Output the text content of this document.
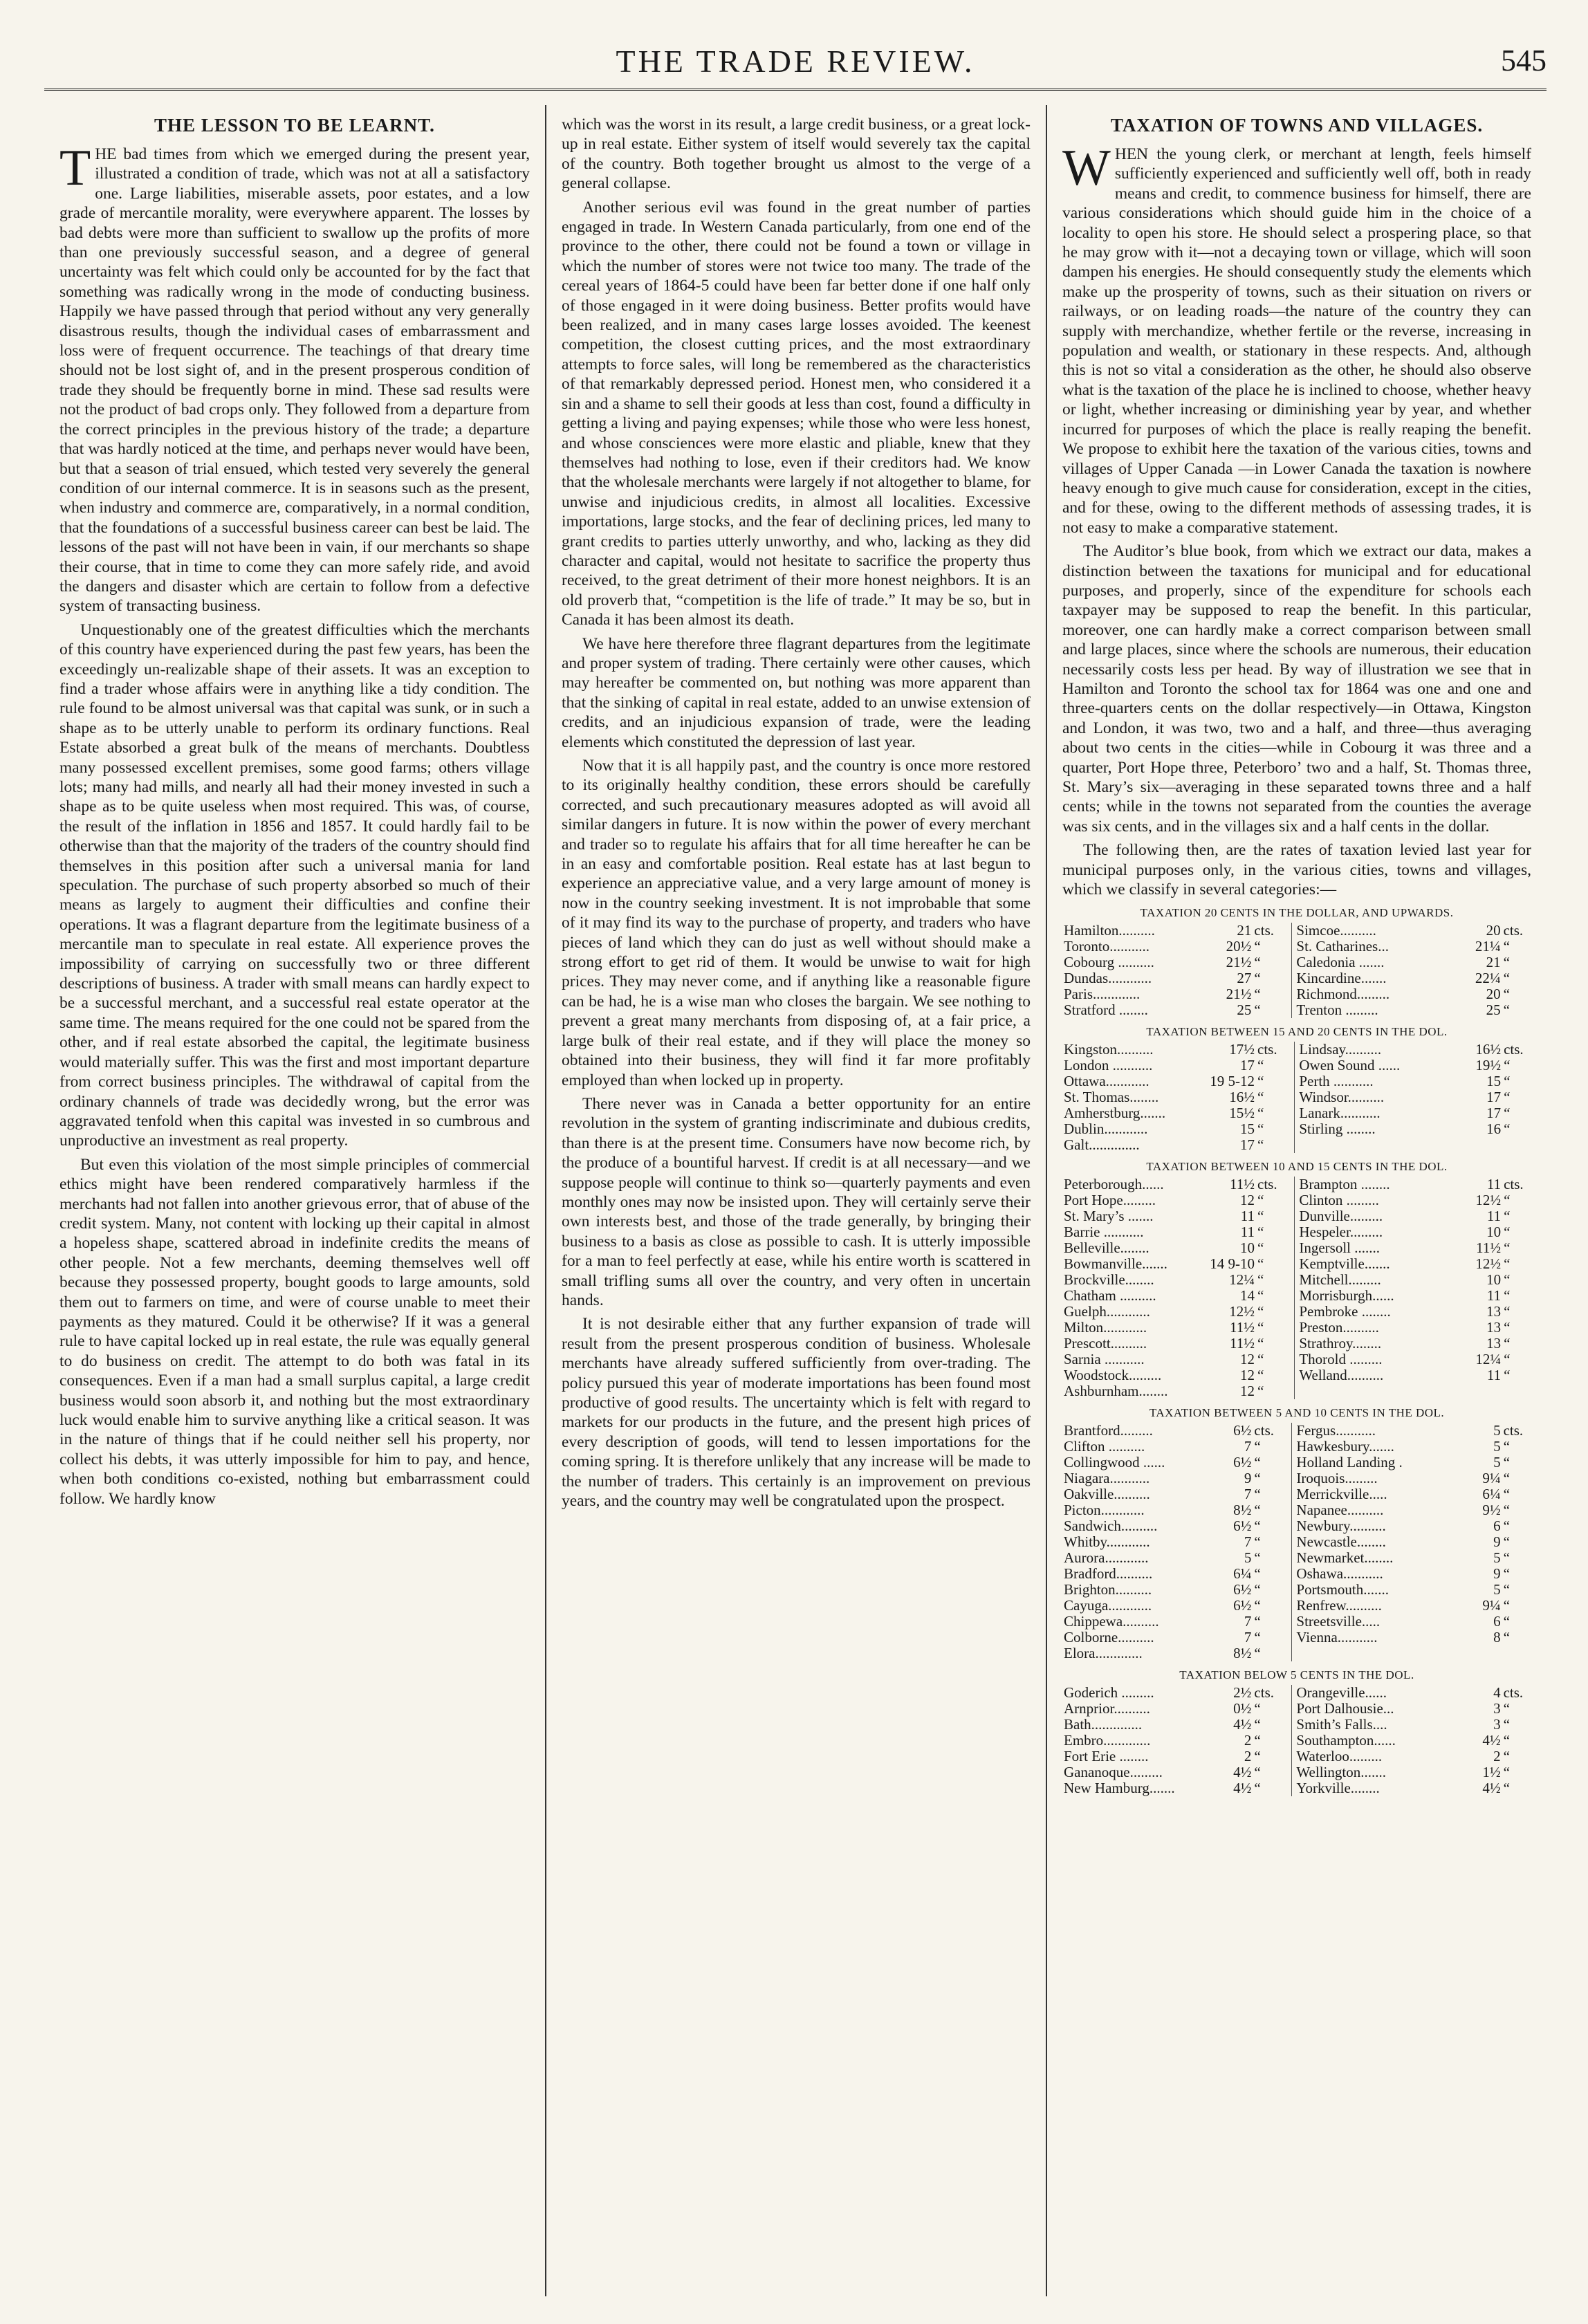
THE TRADE REVIEW.	545
THE LESSON TO BE LEARNT.

THE bad times from which we emerged during the present year, illustrated a condition of trade, which was not at all a satisfactory one. Large liabilities, miserable assets, poor estates, and a low grade of mercantile morality, were everywhere apparent. The losses by bad debts were more than sufficient to swallow up the profits of more than one previously successful season, and a degree of general uncertainty was felt which could only be accounted for by the fact that something was radically wrong in the mode of conducting business. Happily we have passed through that period without any very generally disastrous results, though the individual cases of embarrassment and loss were of frequent occurrence. The teachings of that dreary time should not be lost sight of, and in the present prosperous condition of trade they should be frequently borne in mind. These sad results were not the product of bad crops only. They followed from a departure from the correct principles in the previous history of the trade; a departure that was hardly noticed at the time, and perhaps never would have been, but that a season of trial ensued, which tested very severely the general condition of our internal commerce. It is in seasons such as the present, when industry and commerce are, comparatively, in a normal condition, that the foundations of a successful business career can best be laid. The lessons of the past will not have been in vain, if our merchants so shape their course, that in time to come they can more safely ride, and avoid the dangers and disaster which are certain to follow from a defective system of transacting business.

Unquestionably one of the greatest difficulties which the merchants of this country have experienced during the past few years, has been the exceedingly un-realizable shape of their assets. It was an exception to find a trader whose affairs were in anything like a tidy condition. The rule found to be almost universal was that capital was sunk, or in such a shape as to be utterly unable to perform its ordinary functions. Real Estate absorbed a great bulk of the means of merchants. Doubtless many possessed excellent premises, some good farms; others village lots; many had mills, and nearly all had their money invested in such a shape as to be quite useless when most required. This was, of course, the result of the inflation in 1856 and 1857. It could hardly fail to be otherwise than that the majority of the traders of the country should find themselves in this position after such a universal mania for land speculation. The purchase of such property absorbed so much of their means as largely to augment their difficulties and confine their operations. It was a flagrant departure from the legitimate business of a mercantile man to speculate in real estate. All experience proves the impossibility of carrying on successfully two or three different descriptions of business. A trader with small means can hardly expect to be a successful merchant, and a successful real estate operator at the same time. The means required for the one could not be spared from the other, and if real estate absorbed the capital, the legitimate business would materially suffer. This was the first and most important departure from correct business principles. The withdrawal of capital from the ordinary channels of trade was decidedly wrong, but the error was aggravated tenfold when this capital was invested in so cumbrous and unproductive an investment as real property.

But even this violation of the most simple principles of commercial ethics might have been rendered comparatively harmless if the merchants had not fallen into another grievous error, that of abuse of the credit system. Many, not content with locking up their capital in almost a hopeless shape, scattered abroad in indefinite credits the means of other people. Not a few merchants, deeming themselves well off because they possessed property, bought goods to large amounts, sold them out to farmers on time, and were of course unable to meet their payments as they matured. Could it be otherwise? If it was a general rule to have capital locked up in real estate, the rule was equally general to do business on credit. The attempt to do both was fatal in its consequences. Even if a man had a small surplus capital, a large credit business would soon absorb it, and nothing but the most extraordinary luck would enable him to survive anything like a critical season. It was in the nature of things that if he could neither sell his property, nor collect his debts, it was utterly impossible for him to pay, and hence, when both conditions co-existed, nothing but embarrassment could follow. We hardly know

which was the worst in its result, a large credit business, or a great lock-up in real estate. Either system of itself would severely tax the capital of the country. Both together brought us almost to the verge of a general collapse.

Another serious evil was found in the great number of parties engaged in trade. In Western Canada particularly, from one end of the province to the other, there could not be found a town or village in which the number of stores were not twice too many. The trade of the cereal years of 1864-5 could have been far better done if one half only of those engaged in it were doing business. Better profits would have been realized, and in many cases large losses avoided. The keenest competition, the closest cutting prices, and the most extraordinary attempts to force sales, will long be remembered as the characteristics of that remarkably depressed period. Honest men, who considered it a sin and a shame to sell their goods at less than cost, found a difficulty in getting a living and paying expenses; while those who were less honest, and whose consciences were more elastic and pliable, knew that they themselves had nothing to lose, even if their creditors had. We know that the wholesale merchants were largely if not altogether to blame, for unwise and injudicious credits, in almost all localities. Excessive importations, large stocks, and the fear of declining prices, led many to grant credits to parties utterly unworthy, and who, lacking as they did character and capital, would not hesitate to sacrifice the property thus received, to the great detriment of their more honest neighbors. It is an old proverb that, “competition is the life of trade.” It may be so, but in Canada it has been almost its death.

We have here therefore three flagrant departures from the legitimate and proper system of trading. There certainly were other causes, which may hereafter be commented on, but nothing was more apparent than that the sinking of capital in real estate, added to an unwise extension of credits, and an injudicious expansion of trade, were the leading elements which constituted the depression of last year.

Now that it is all happily past, and the country is once more restored to its originally healthy condition, these errors should be carefully corrected, and such precautionary measures adopted as will avoid all similar dangers in future. It is now within the power of every merchant and trader so to regulate his affairs that for all time hereafter he can be in an easy and comfortable position. Real estate has at last begun to experience an appreciative value, and a very large amount of money is now in the country seeking investment. It is not improbable that some of it may find its way to the purchase of property, and traders who have pieces of land which they can do just as well without should make a strong effort to get rid of them. It would be unwise to wait for high prices. They may never come, and if anything like a reasonable figure can be had, he is a wise man who closes the bargain. We see nothing to prevent a great many merchants from disposing of, at a fair price, a large bulk of their real estate, and if they will place the money so obtained into their business, they will find it far more profitably employed than when locked up in property.

There never was in Canada a better opportunity for an entire revolution in the system of granting indiscriminate and dubious credits, than there is at the present time. Consumers have now become rich, by the produce of a bountiful harvest. If credit is at all necessary—and we suppose people will continue to think so—quarterly payments and even monthly ones may now be insisted upon. They will certainly serve their own interests best, and those of the trade generally, by bringing their business to a basis as close as possible to cash. It is utterly impossible for a man to feel perfectly at ease, while his entire worth is scattered in small trifling sums all over the country, and very often in uncertain hands.

It is not desirable either that any further expansion of trade will result from the present prosperous condition of business. Wholesale merchants have already suffered sufficiently from over-trading. The policy pursued this year of moderate importations has been found most productive of good results. The uncertainty which is felt with regard to markets for our products in the future, and the present high prices of every description of goods, will tend to lessen importations for the coming spring. It is therefore unlikely that any increase will be made to the number of traders. This certainly is an improvement on previous years, and the country may well be congratulated upon the prospect.

TAXATION OF TOWNS AND VILLAGES.

WHEN the young clerk, or merchant at length, feels himself sufficiently experienced and sufficiently well off, both in ready means and credit, to commence business for himself, there are various considerations which should guide him in the choice of a locality to open his store. He should select a prospering place, so that he may grow with it—not a decaying town or village, which will soon dampen his energies. He should consequently study the elements which make up the prosperity of towns, such as their situation on rivers or railways, or on leading roads—the nature of the country they can supply with merchandize, whether fertile or the reverse, increasing in population and wealth, or stationary in these respects. And, although this is not so vital a consideration as the other, he should also observe what is the taxation of the place he is inclined to choose, whether heavy or light, whether increasing or diminishing year by year, and whether incurred for purposes of which the place is really reaping the benefit. We propose to exhibit here the taxation of the various cities, towns and villages of Upper Canada —in Lower Canada the taxation is nowhere heavy enough to give much cause for consideration, except in the cities, and for these, owing to the different methods of assessing trades, it is not easy to make a comparative statement.

The Auditor’s blue book, from which we extract our data, makes a distinction between the taxations for municipal and for educational purposes, and properly, since of the expenditure for schools each taxpayer may be supposed to reap the benefit. In this particular, moreover, one can hardly make a correct comparison between small and large places, since where the schools are numerous, their education necessarily costs less per head. By way of illustration we see that in Hamilton and Toronto the school tax for 1864 was one and one and three-quarters cents on the dollar respectively—in Ottawa, Kingston and London, it was two, two and a half, and three—thus averaging about two cents in the cities—while in Cobourg it was three and a quarter, Port Hope three, Peterboro’ two and a half, St. Thomas three, St. Mary’s six—averaging in these separated towns three and a half cents; while in the towns not separated from the counties the average was six cents, and in the villages six and a half cents in the dollar.

The following then, are the rates of taxation levied last year for municipal purposes only, in the various cities, towns and villages, which we classify in several categories:—

TAXATION 20 CENTS IN THE DOLLAR, AND UPWARDS.
Hamilton..........	21	cts.	Simcoe..........	20	cts.
Toronto...........	20½	“	St. Catharines...	21¼	“
Cobourg ..........	21½	“	Caledonia .......	21	“
Dundas............	27	“	Kincardine.......	22¼	“
Paris.............	21½	“	Richmond.........	20	“
Stratford ........	25	“	Trenton .........	25	“
TAXATION BETWEEN 15 AND 20 CENTS IN THE DOL.
Kingston..........	17½	cts.	Lindsay..........	16½	cts.
London ...........	17	“	Owen Sound ......	19½	“
Ottawa............	19 5-12	“	Perth ...........	15	“
St. Thomas........	16½	“	Windsor..........	17	“
Amherstburg.......	15½	“	Lanark...........	17	“
Dublin............	15	“	Stirling ........	16	“
Galt..............	17	“			
TAXATION BETWEEN 10 AND 15 CENTS IN THE DOL.
Peterborough......	11½	cts.	Brampton ........	11	cts.
Port Hope.........	12	“	Clinton .........	12½	“
St. Mary’s .......	11	“	Dunville.........	11	“
Barrie ...........	11	“	Hespeler.........	10	“
Belleville........	10	“	Ingersoll .......	11½	“
Bowmanville.......	14 9-10	“	Kemptville.......	12½	“
Brockville........	12¼	“	Mitchell.........	10	“
Chatham ..........	14	“	Morrisburgh......	11	“
Guelph............	12½	“	Pembroke ........	13	“
Milton............	11½	“	Preston..........	13	“
Prescott..........	11½	“	Strathroy........	13	“
Sarnia ...........	12	“	Thorold .........	12¼	“
Woodstock.........	12	“	Welland..........	11	“
Ashburnham........	12	“			
TAXATION BETWEEN 5 AND 10 CENTS IN THE DOL.
Brantford.........	6½	cts.	Fergus...........	5	cts.
Clifton ..........	7	“	Hawkesbury.......	5	“
Collingwood ......	6½	“	Holland Landing .	5	“
Niagara...........	9	“	Iroquois.........	9¼	“
Oakville..........	7	“	Merrickville.....	6¼	“
Picton............	8½	“	Napanee..........	9½	“
Sandwich..........	6½	“	Newbury..........	6	“
Whitby............	7	“	Newcastle........	9	“
Aurora............	5	“	Newmarket........	5	“
Bradford..........	6¼	“	Oshawa...........	9	“
Brighton..........	6½	“	Portsmouth.......	5	“
Cayuga............	6½	“	Renfrew..........	9¼	“
Chippewa..........	7	“	Streetsville.....	6	“
Colborne..........	7	“	Vienna...........	8	“
Elora.............	8½	“			
TAXATION BELOW 5 CENTS IN THE DOL.
Goderich .........	2½	cts.	Orangeville......	4	cts.
Arnprior..........	0½	“	Port Dalhousie...	3	“
Bath..............	4½	“	Smith’s Falls....	3	“
Embro.............	2	“	Southampton......	4½	“
Fort Erie ........	2	“	Waterloo.........	2	“
Gananoque.........	4½	“	Wellington.......	1½	“
New Hamburg.......	4½	“	Yorkville........	4½	“
